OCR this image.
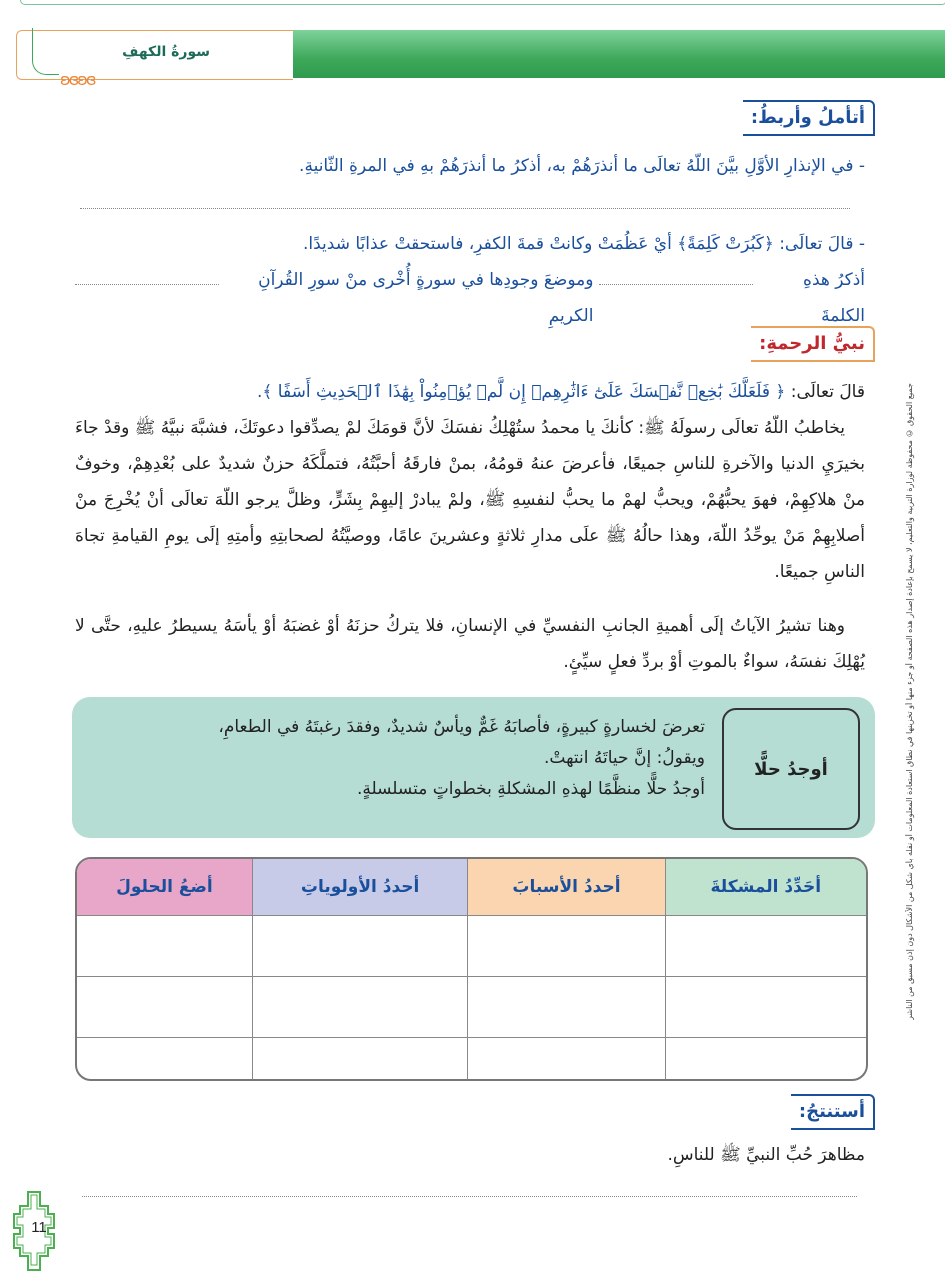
سورةُ الكهفِ
ʚɞʚɞ
أتأملُ وأربطُ:
- في الإنذارِ الأوَّلِ بيَّنَ اللّهُ تعالَى ما أنذرَهُمْ به، أذكرُ ما أنذرَهُمْ بهِ في المرةِ الثّانيةِ.
- قالَ تعالَى: ﴿كَبُرَتْ كَلِمَةً﴾ أيْ عَظُمَتْ وكانتْ قمةَ الكفرِ، فاستحقتْ عذابًا شديدًا.
أذكرُ هذهِ الكلمةَ
وموضعَ وجودِها في سورةٍ أُخْرى منْ سورِ القُرآنِ الكريمِ
نبيُّ الرحمةِ:
قالَ تعالَى: ﴿ فَلَعَلَّكَ بَٰخِعٞ نَّفۡسَكَ عَلَىٰٓ ءَاثَٰرِهِمۡ إِن لَّمۡ يُؤۡمِنُواْ بِهَٰذَا ٱلۡحَدِيثِ أَسَفًا ﴾.
يخاطبُ اللّهُ تعالَى رسولَهُ ﷺ: كأنكَ يا محمدُ ستُهْلِكُ نفسَكَ لأنَّ قومَكَ لمْ يصدِّقوا دعوتَكَ، فشبَّهَ نبيَّهُ ﷺ وقدْ جاءَ بخيرَيِ الدنيا والآخرةِ للناسِ جميعًا، فأعرضَ عنهُ قومُهُ، بمنْ فارقَهُ أحبَّتُهُ، فتملَّكَهُ حزنٌ شديدٌ على بُعْدِهِمْ، وخوفٌ منْ هلاكِهِمْ، فهوَ يحبُّهُمْ، ويحبُّ لهمْ ما يحبُّ لنفسِهِ ﷺ، ولمْ يبادرْ إليهِمْ بِشَرٍّ، وظلَّ يرجو اللّهَ تعالَى أنْ يُخْرِجَ منْ أصلابِهِمْ مَنْ يوحِّدُ اللّهَ، وهذا حالُهُ ﷺ علَى مدارِ ثلاثةٍ وعشرينَ عامًا، ووصيَّتُهُ لصحابتِهِ وأمتِهِ إلَى يومِ القيامةِ تجاهَ الناسِ جميعًا.
وهنا تشيرُ الآياتُ إلَى أهميةِ الجانبِ النفسيِّ في الإنسانِ، فلا يتركُ حزنَهُ أوْ غضبَهُ أوْ يأسَهُ يسيطرُ عليهِ، حتَّى لا يُهْلِكَ نفسَهُ، سواءٌ بالموتِ أوْ بردِّ فعلٍ سيِّئٍ.
أوجدُ حلًّا
تعرضَ لخسارةٍ كبيرةٍ، فأصابَهُ غَمٌّ ويأسٌ شديدٌ، وفقدَ رغبتَهُ في الطعامِ،
ويقولُ: إنَّ حياتَهُ انتهتْ.
أوجدُ حلًّا منظَّمًا لهذهِ المشكلةِ بخطواتٍ متسلسلةٍ.
أحَدِّدُ المشكلةَ	أحددُ الأسبابَ	أحددُ الأولوياتِ	أضعُ الحلولَ

أستنتجُ:
مظاهرَ حُبِّ النبيِّ ﷺ للناسِ.
جميع الحقوق © محفوظة لوزارة التربية والتعليم، لا يسمح بإعادة إصدار هذه الصفحة أو جزء منها أو تخزينها في نطاق استعادة المعلومات أو نقله بأي شكل من الأشكال دون إذن مسبق من الناشر
11
